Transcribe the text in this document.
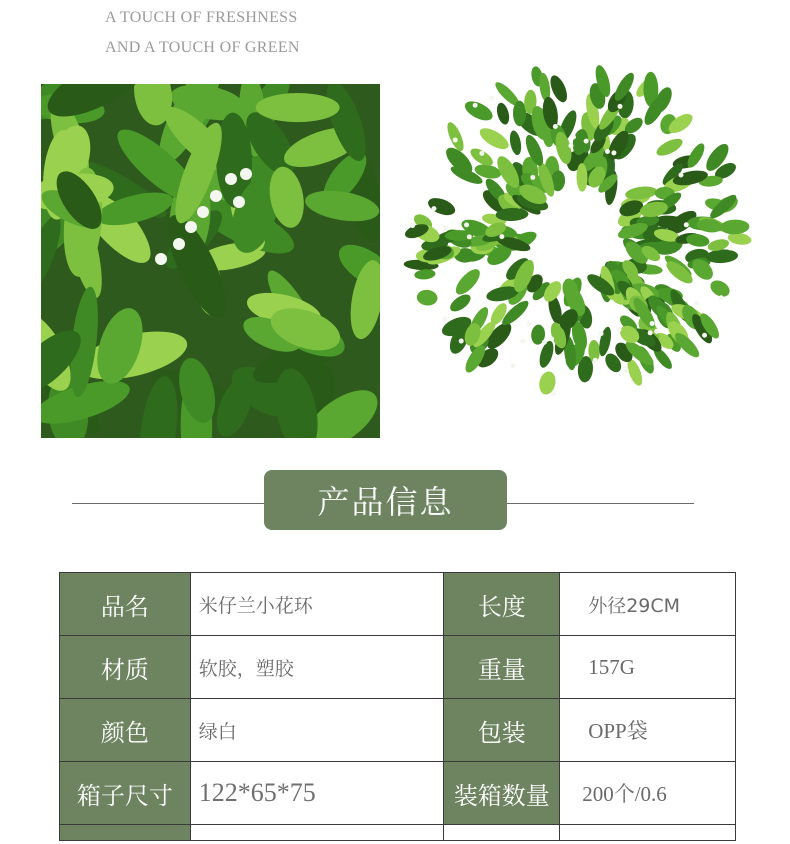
A TOUCH OF FRESHNESS
AND A TOUCH OF GREEN
产品信息
品名	米仔兰小花环	长度	外径29CM
材质	软胶，塑胶	重量	157G
颜色	绿白	包装	OPP袋
箱子尺寸	122*65*75	装箱数量	200个/0.6
